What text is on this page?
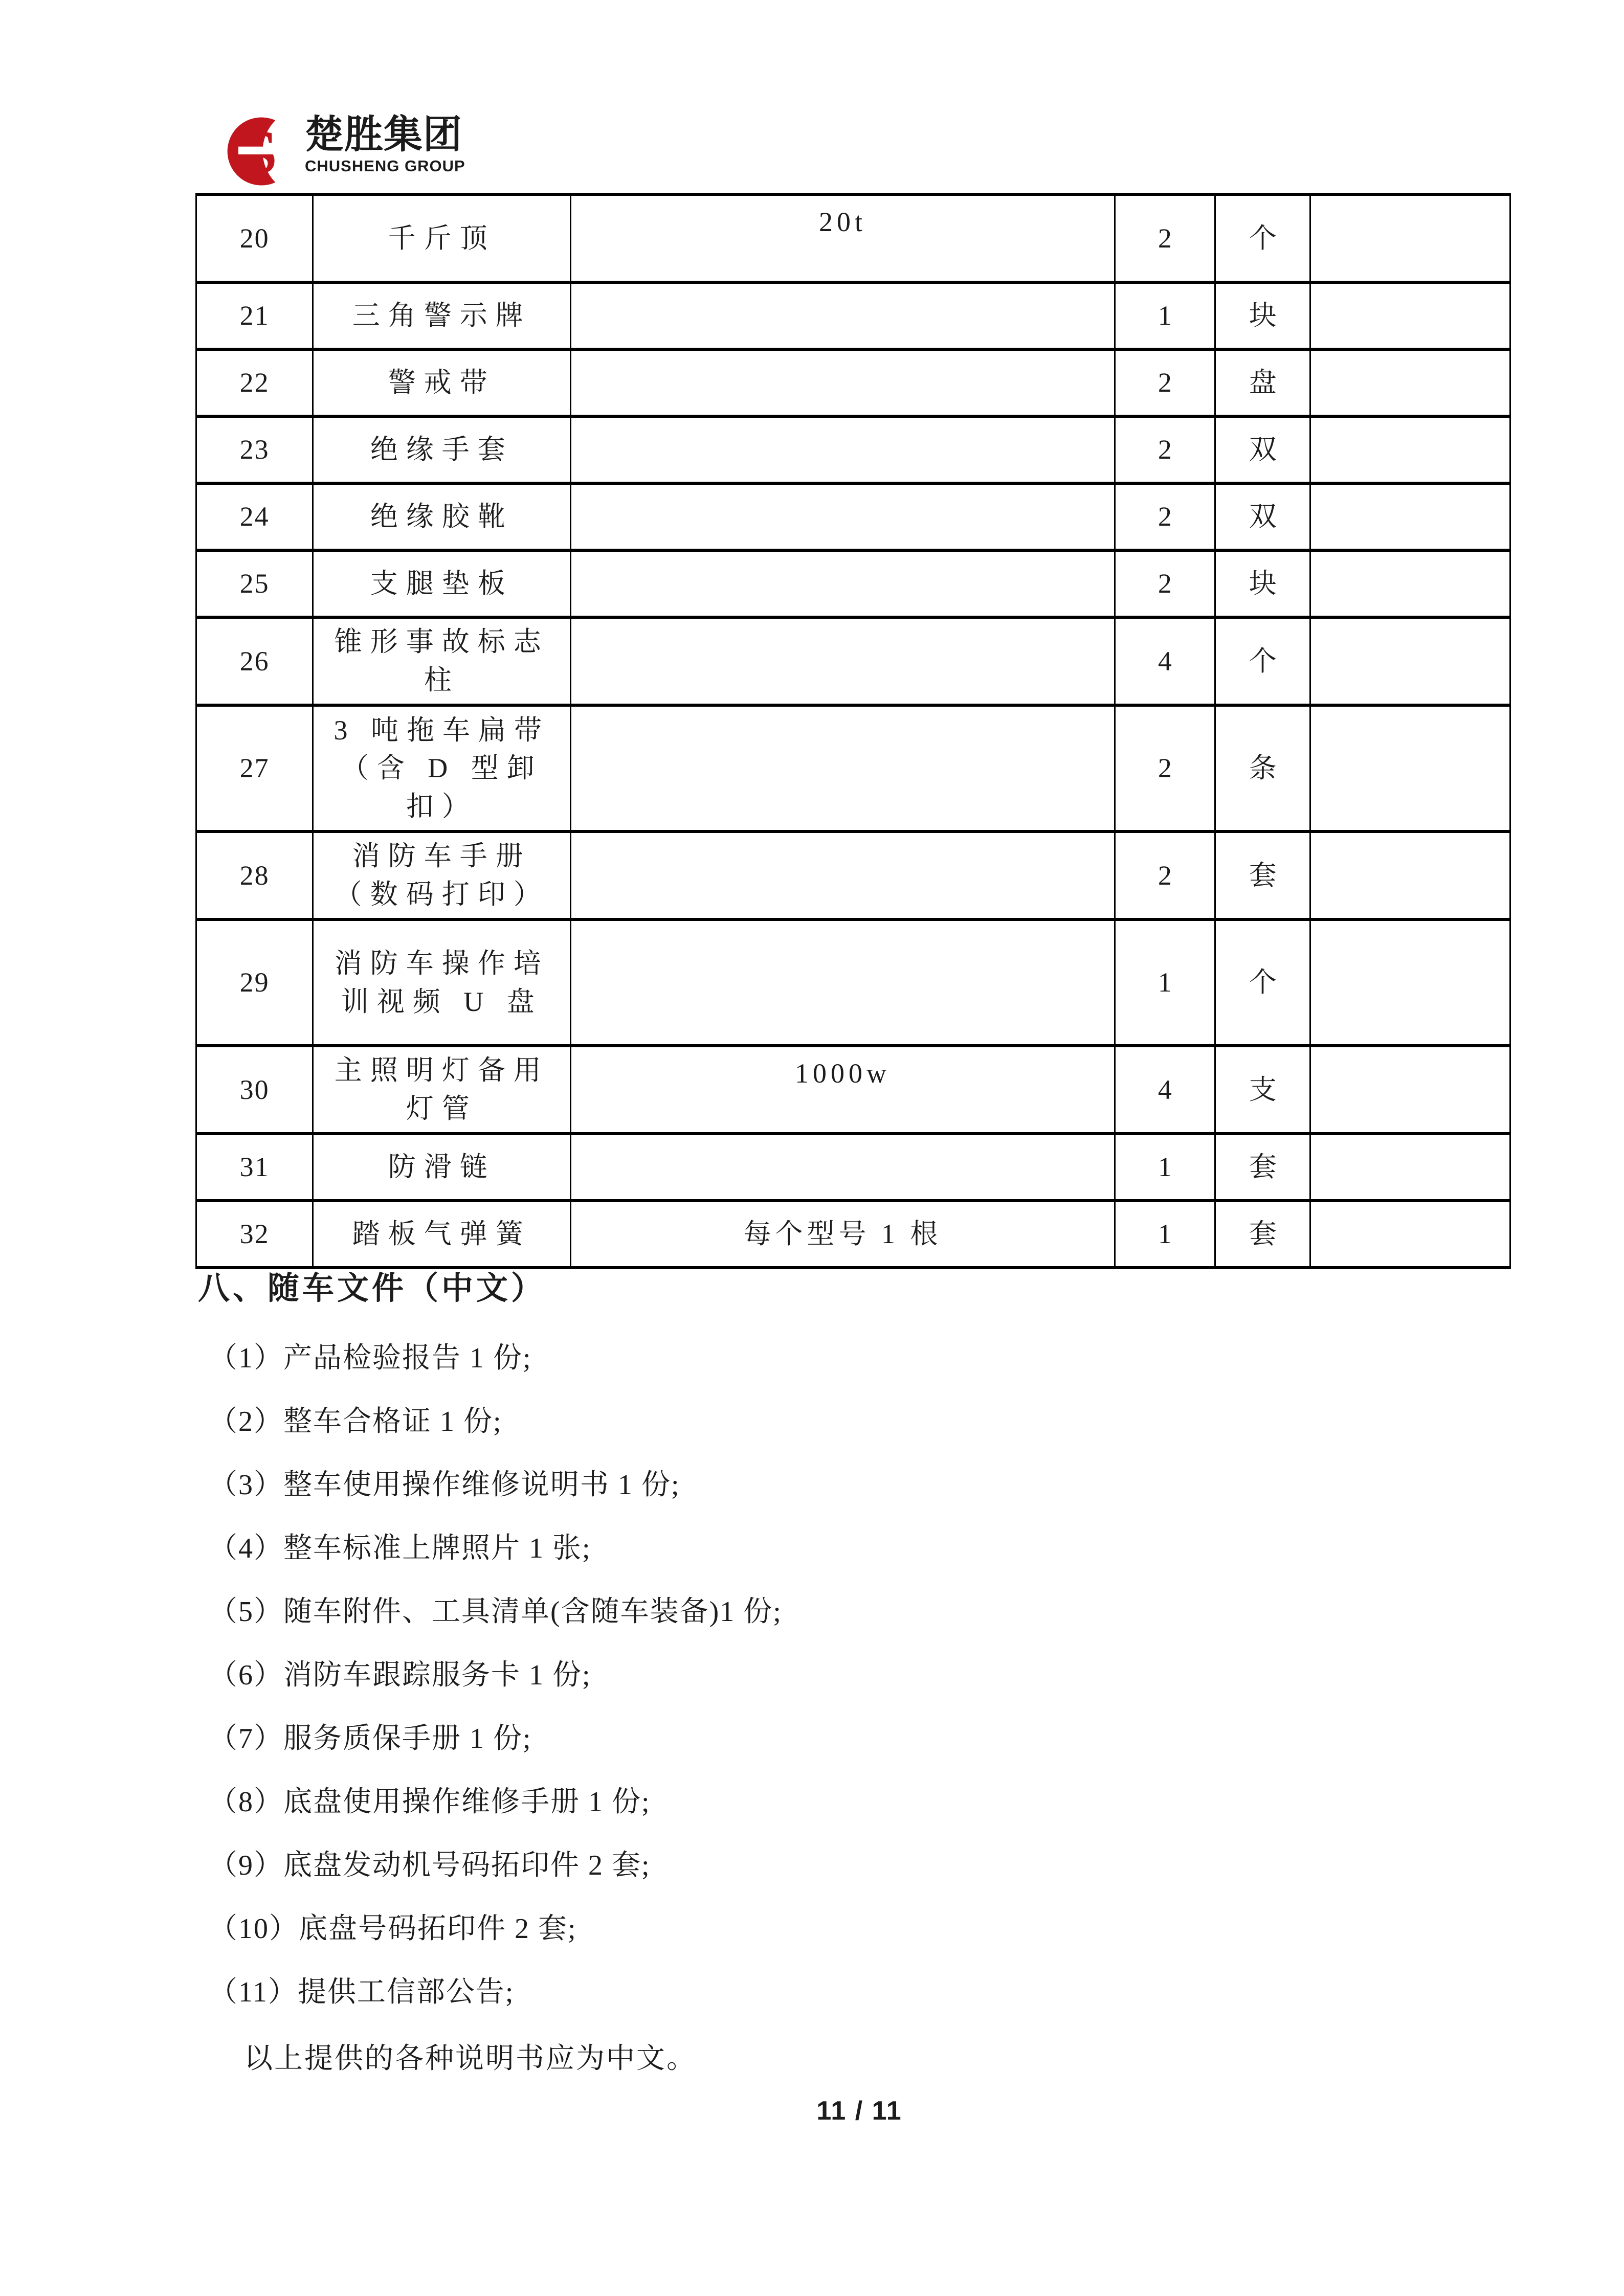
楚胜集团
CHUSHENG GROUP
20	千斤顶	20t	2	个	
21	三角警示牌		1	块	
22	警戒带		2	盘	
23	绝缘手套		2	双	
24	绝缘胶靴		2	双	
25	支腿垫板		2	块	
26	锥形事故标志柱		4	个	
27	3 吨拖车扁带（含 D 型卸扣）		2	条	
28	消防车手册（数码打印）		2	套	
29	消防车操作培训视频 U 盘		1	个	
30	主照明灯备用灯管	1000w	4	支	
31	防滑链		1	套	
32	踏板气弹簧	每个型号 1 根	1	套	
八、随车文件（中文）
（1）产品检验报告 1 份;
（2）整车合格证 1 份;
（3）整车使用操作维修说明书 1 份;
（4）整车标准上牌照片 1 张;
（5）随车附件、工具清单(含随车装备)1 份;
（6）消防车跟踪服务卡 1 份;
（7）服务质保手册 1 份;
（8）底盘使用操作维修手册 1 份;
（9）底盘发动机号码拓印件 2 套;
（10）底盘号码拓印件 2 套;
（11）提供工信部公告;
以上提供的各种说明书应为中文。
11 / 11
